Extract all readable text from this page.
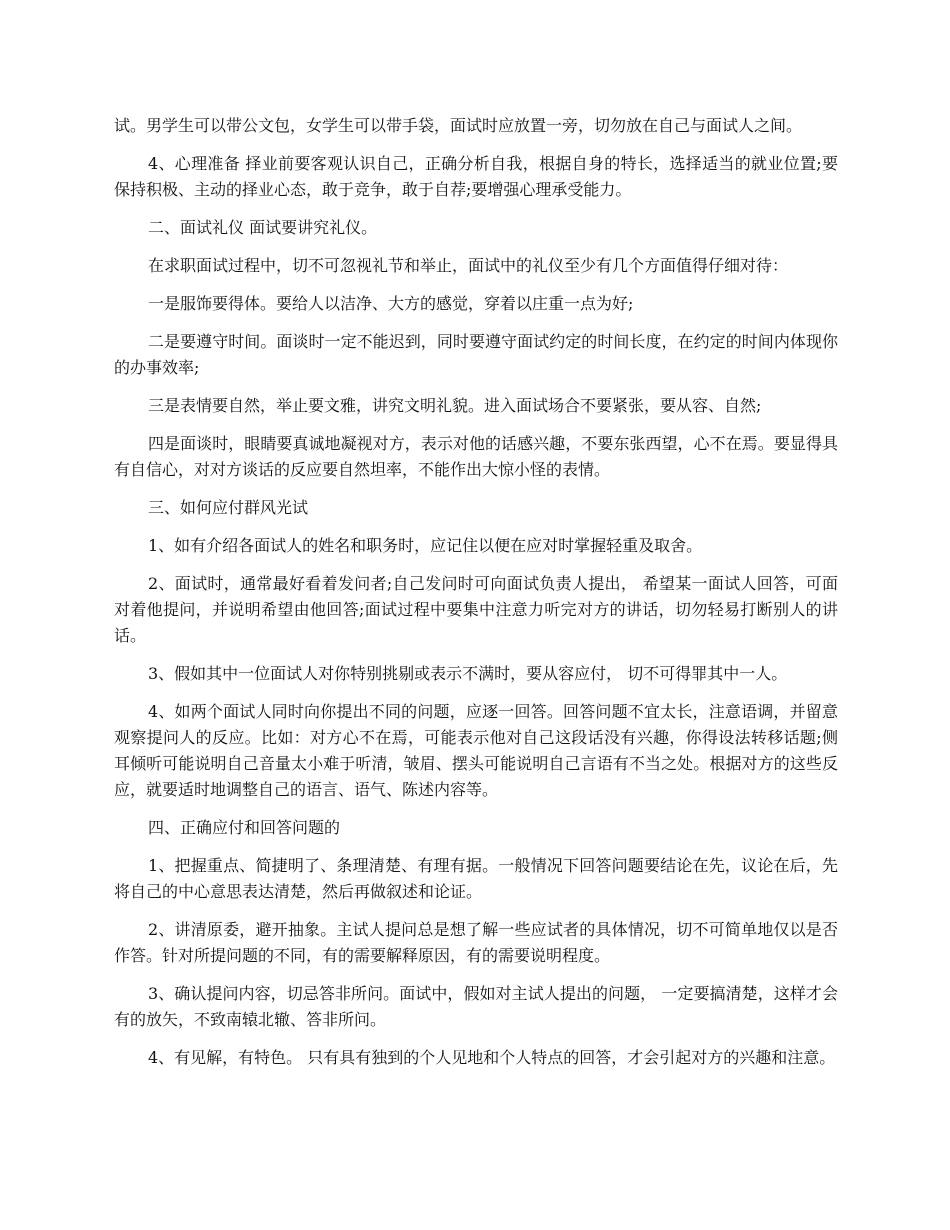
试。男学生可以带公文包，女学生可以带手袋，面试时应放置一旁，切勿放在自己与面试人之间。

4、心理准备 择业前要客观认识自己，正确分析自我，根据自身的特长，选择适当的就业位置;要保持积极、主动的择业心态，敢于竞争，敢于自荐;要增强心理承受能力。

二、面试礼仪 面试要讲究礼仪。

在求职面试过程中，切不可忽视礼节和举止，面试中的礼仪至少有几个方面值得仔细对待：

一是服饰要得体。要给人以洁净、大方的感觉，穿着以庄重一点为好;

二是要遵守时间。面谈时一定不能迟到，同时要遵守面试约定的时间长度，在约定的时间内体现你的办事效率;

三是表情要自然，举止要文雅，讲究文明礼貌。进入面试场合不要紧张，要从容、自然;

四是面谈时，眼睛要真诚地凝视对方，表示对他的话感兴趣，不要东张西望，心不在焉。要显得具有自信心，对对方谈话的反应要自然坦率，不能作出大惊小怪的表情。

三、如何应付群风光试

1、如有介绍各面试人的姓名和职务时，应记住以便在应对时掌握轻重及取舍。

2、面试时，通常最好看着发问者;自己发问时可向面试负责人提出， 希望某一面试人回答，可面对着他提问，并说明希望由他回答;面试过程中要集中注意力听完对方的讲话，切勿轻易打断别人的讲话。

3、假如其中一位面试人对你特别挑剔或表示不满时，要从容应付， 切不可得罪其中一人。

4、如两个面试人同时向你提出不同的问题，应逐一回答。回答问题不宜太长，注意语调，并留意观察提问人的反应。比如：对方心不在焉，可能表示他对自己这段话没有兴趣，你得设法转移话题;侧耳倾听可能说明自己音量太小难于听清，皱眉、摆头可能说明自己言语有不当之处。根据对方的这些反应，就要适时地调整自己的语言、语气、陈述内容等。

四、正确应付和回答问题的

1、把握重点、简捷明了、条理清楚、有理有据。一般情况下回答问题要结论在先，议论在后，先将自己的中心意思表达清楚，然后再做叙述和论证。

2、讲清原委，避开抽象。主试人提问总是想了解一些应试者的具体情况，切不可简单地仅以是否作答。针对所提问题的不同，有的需要解释原因，有的需要说明程度。

3、确认提问内容，切忌答非所问。面试中，假如对主试人提出的问题， 一定要搞清楚，这样才会有的放矢，不致南辕北辙、答非所问。

4、有见解，有特色。 只有具有独到的个人见地和个人特点的回答，才会引起对方的兴趣和注意。
